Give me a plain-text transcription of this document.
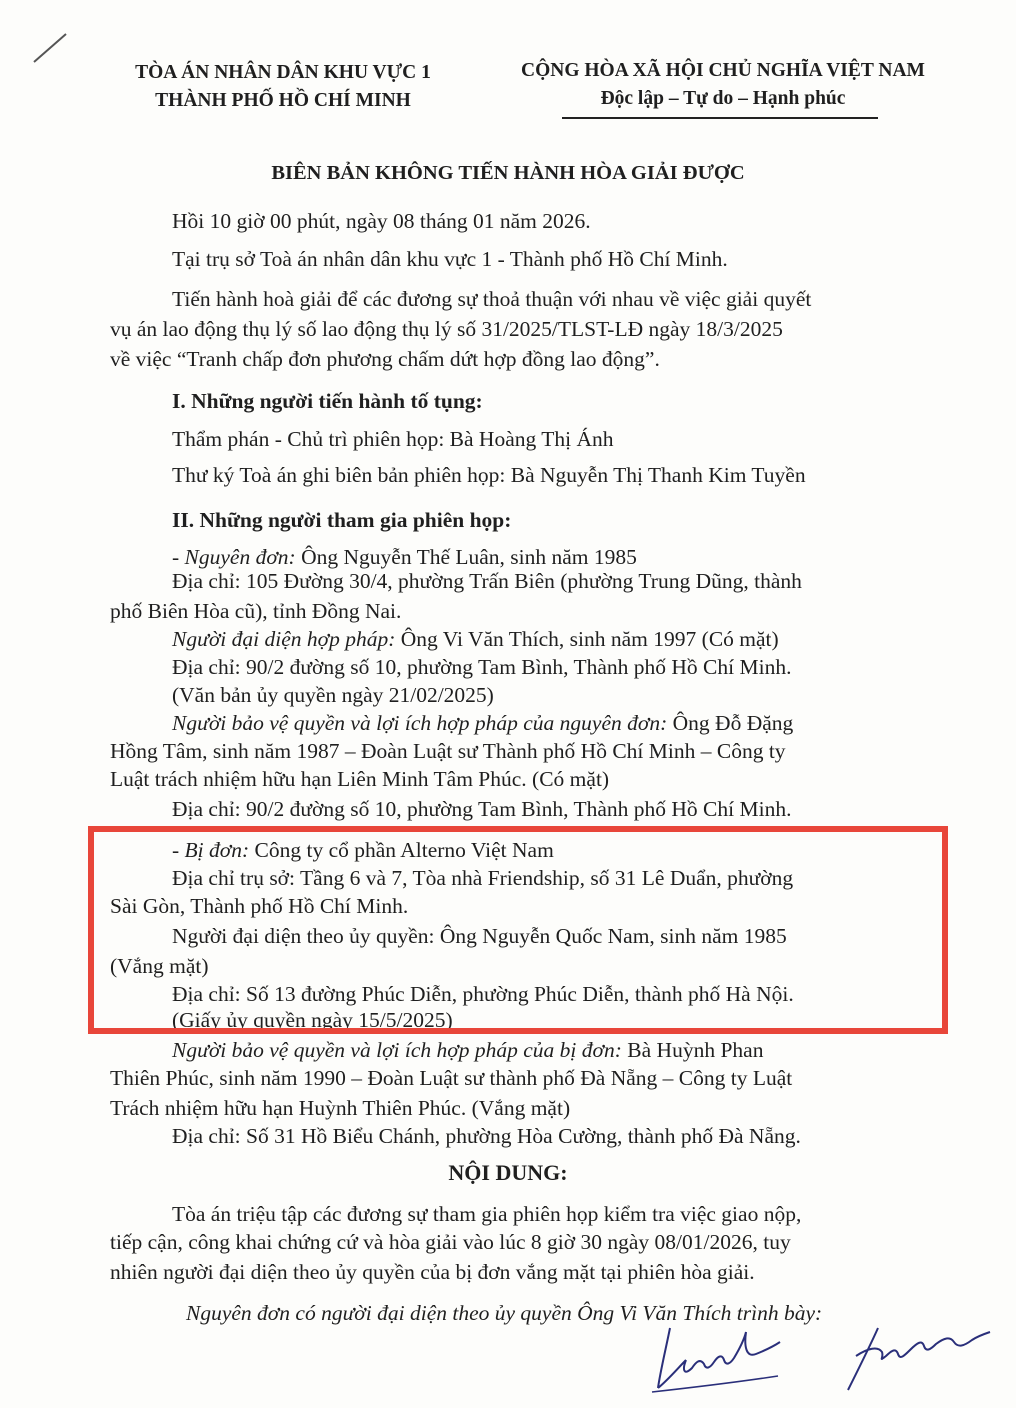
TÒA ÁN NHÂN DÂN KHU VỰC 1
THÀNH PHỐ HỒ CHÍ MINH
CỘNG HÒA XÃ HỘI CHỦ NGHĨA VIỆT NAM
Độc lập – Tự do – Hạnh phúc
BIÊN BẢN KHÔNG TIẾN HÀNH HÒA GIẢI ĐƯỢC
Hồi 10 giờ 00 phút, ngày 08 tháng 01 năm 2026.
Tại trụ sở Toà án nhân dân khu vực 1 - Thành phố Hồ Chí Minh.
Tiến hành hoà giải để các đương sự thoả thuận với nhau về việc giải quyết
vụ án lao động thụ lý số lao động thụ lý số 31/2025/TLST-LĐ ngày 18/3/2025
về việc “Tranh chấp đơn phương chấm dứt hợp đồng lao động”.
I. Những người tiến hành tố tụng:
Thẩm phán - Chủ trì phiên họp: Bà Hoàng Thị Ánh
Thư ký Toà án ghi biên bản phiên họp: Bà Nguyễn Thị Thanh Kim Tuyền
II. Những người tham gia phiên họp:
- Nguyên đơn: Ông Nguyễn Thế Luân, sinh năm 1985
Địa chỉ: 105 Đường 30/4, phường Trấn Biên (phường Trung Dũng, thành
phố Biên Hòa cũ), tỉnh Đồng Nai.
Người đại diện hợp pháp: Ông Vi Văn Thích, sinh năm 1997 (Có mặt)
Địa chỉ: 90/2 đường số 10, phường Tam Bình, Thành phố Hồ Chí Minh.
(Văn bản ủy quyền ngày 21/02/2025)
Người bảo vệ quyền và lợi ích hợp pháp của nguyên đơn: Ông Đỗ Đặng
Hồng Tâm, sinh năm 1987 – Đoàn Luật sư Thành phố Hồ Chí Minh – Công ty
Luật trách nhiệm hữu hạn Liên Minh Tâm Phúc. (Có mặt)
Địa chỉ: 90/2 đường số 10, phường Tam Bình, Thành phố Hồ Chí Minh.
- Bị đơn: Công ty cổ phần Alterno Việt Nam
Địa chỉ trụ sở: Tầng 6 và 7, Tòa nhà Friendship, số 31 Lê Duẩn, phường
Sài Gòn, Thành phố Hồ Chí Minh.
Người đại diện theo ủy quyền: Ông Nguyễn Quốc Nam, sinh năm 1985
(Vắng mặt)
Địa chỉ: Số 13 đường Phúc Diễn, phường Phúc Diễn, thành phố Hà Nội.
(Giấy ủy quyền ngày 15/5/2025)
Người bảo vệ quyền và lợi ích hợp pháp của bị đơn: Bà Huỳnh Phan
Thiên Phúc, sinh năm 1990 – Đoàn Luật sư thành phố Đà Nẵng – Công ty Luật
Trách nhiệm hữu hạn Huỳnh Thiên Phúc. (Vắng mặt)
Địa chỉ: Số 31 Hồ Biểu Chánh, phường Hòa Cường, thành phố Đà Nẵng.
NỘI DUNG:
Tòa án triệu tập các đương sự tham gia phiên họp kiểm tra việc giao nộp,
tiếp cận, công khai chứng cứ và hòa giải vào lúc 8 giờ 30 ngày 08/01/2026, tuy
nhiên người đại diện theo ủy quyền của bị đơn vắng mặt tại phiên hòa giải.
Nguyên đơn có người đại diện theo ủy quyền Ông Vi Văn Thích trình bày:
